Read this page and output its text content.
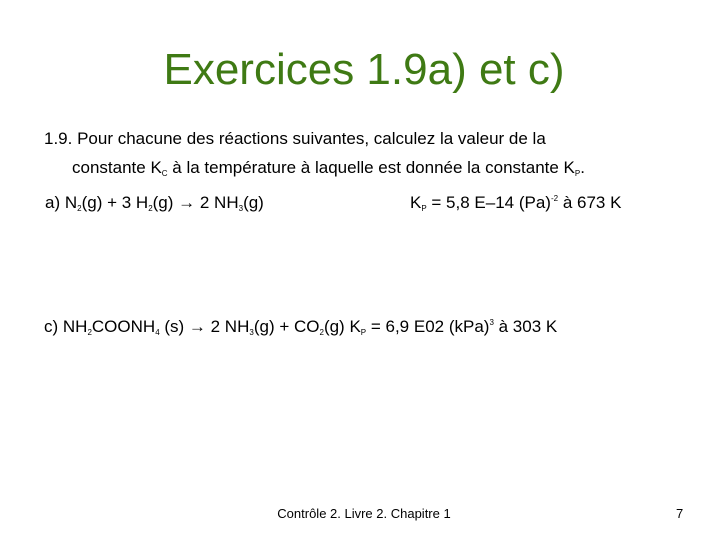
Exercices 1.9a) et c)
1.9. Pour chacune des réactions suivantes, calculez la valeur de la
constante $K_C$ à la température à laquelle est donnée la constante $K_P$.
a) $N_2(g) + 3$ $H_2(g) \to 2$ $NH_3(g)$	$K_P = 5,8$ E–14 $(Pa)^{-2}$ à 673 K
c) $NH_2COONH_4$ (s) → 2 $NH_3(g) + CO_2(g) K_P = 6,9$ E02 (kPa)$^3$ à 303 K
Contrôle 2. Livre 2. Chapitre 1	7
